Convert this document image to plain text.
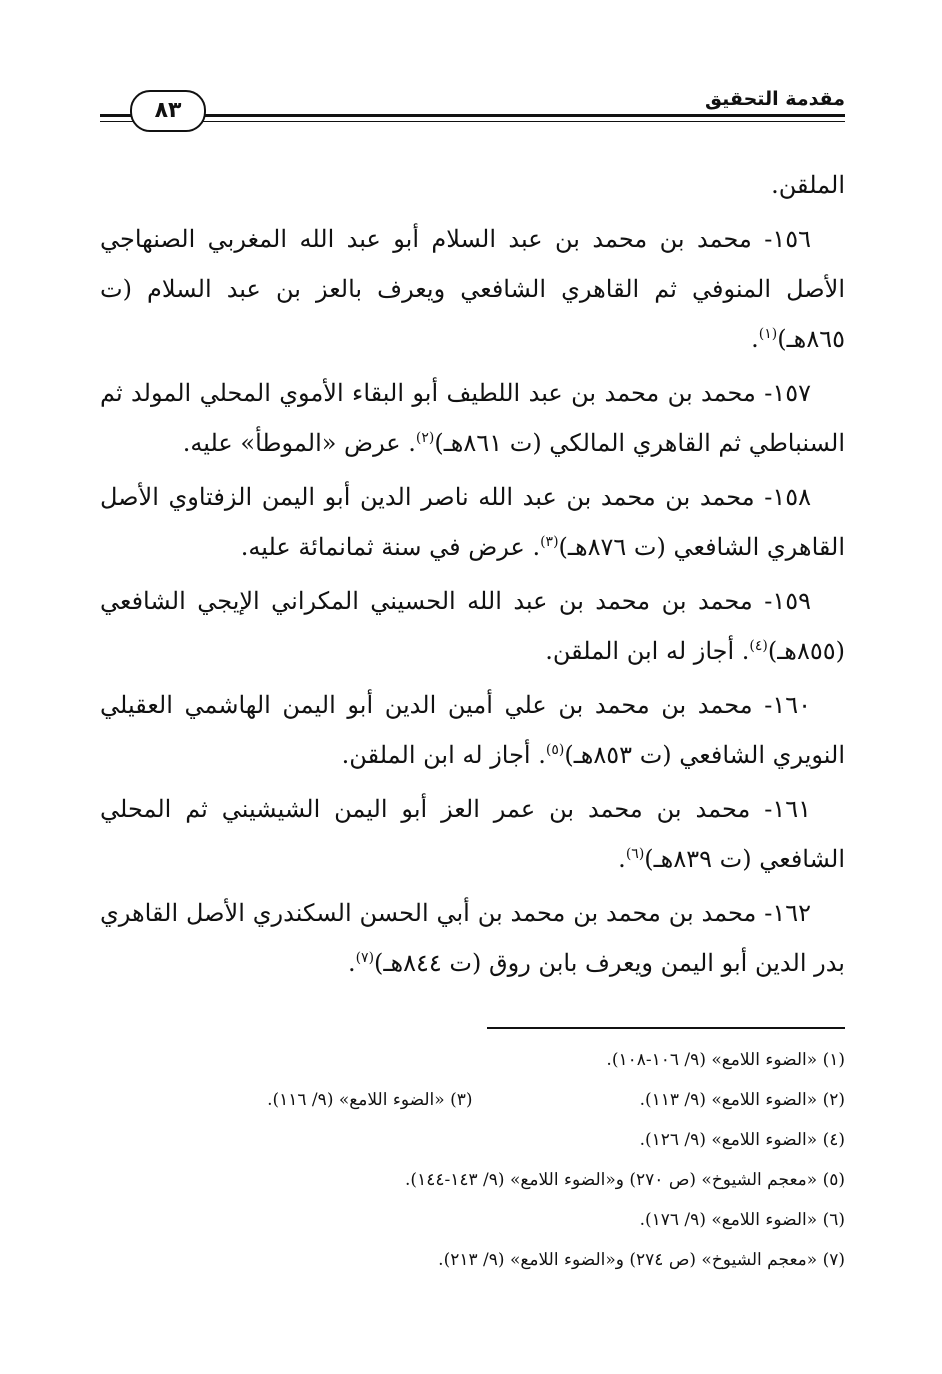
مقدمة التحقيق
٨٣

الملقن.

١٥٦- محمد بن محمد بن عبد السلام أبو عبد الله المغربي الصنهاجي الأصل المنوفي ثم القاهري الشافعي ويعرف بالعز بن عبد السلام (ت ٨٦٥هـ)$^{(١)}$.

١٥٧- محمد بن محمد بن عبد اللطيف أبو البقاء الأموي المحلي المولد ثم السنباطي ثم القاهري المالكي (ت ٨٦١هـ)$^{(٢)}$. عرض «الموطأ» عليه.

١٥٨- محمد بن محمد بن عبد الله ناصر الدين أبو اليمن الزفتاوي الأصل القاهري الشافعي (ت ٨٧٦هـ)$^{(٣)}$. عرض في سنة ثمانمائة عليه.

١٥٩- محمد بن محمد بن عبد الله الحسيني المكراني الإيجي الشافعي (٨٥٥هـ)$^{(٤)}$. أجاز له ابن الملقن.

١٦٠- محمد بن محمد بن علي أمين الدين أبو اليمن الهاشمي العقيلي النويري الشافعي (ت ٨٥٣هـ)$^{(٥)}$. أجاز له ابن الملقن.

١٦١- محمد بن محمد بن عمر العز أبو اليمن الشيشيني ثم المحلي الشافعي (ت ٨٣٩هـ)$^{(٦)}$.

١٦٢- محمد بن محمد بن محمد بن أبي الحسن السكندري الأصل القاهري بدر الدين أبو اليمن ويعرف بابن روق (ت ٨٤٤هـ)$^{(٧)}$.

(١) «الضوء اللامع» (٩/ ١٠٦-١٠٨).
(٢) «الضوء اللامع» (٩/ ١١٣).
(٣) «الضوء اللامع» (٩/ ١١٦).
(٤) «الضوء اللامع» (٩/ ١٢٦).
(٥) «معجم الشيوخ» (ص ٢٧٠) و«الضوء اللامع» (٩/ ١٤٣-١٤٤).
(٦) «الضوء اللامع» (٩/ ١٧٦).
(٧) «معجم الشيوخ» (ص ٢٧٤) و«الضوء اللامع» (٩/ ٢١٣).
